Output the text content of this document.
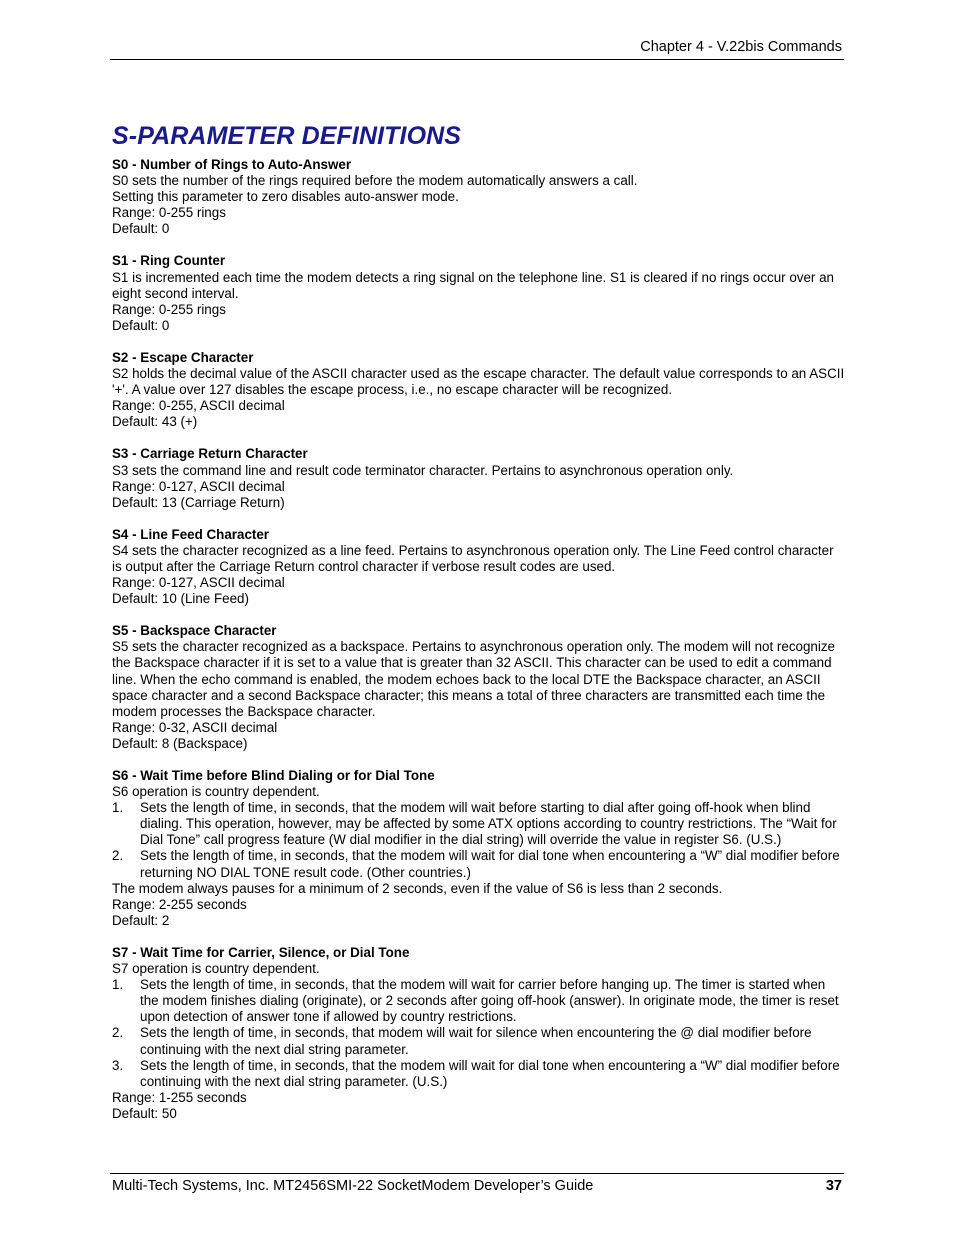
Chapter 4 - V.22bis Commands
S-PARAMETER DEFINITIONS
S0 - Number of Rings to Auto-Answer

S0 sets the number of the rings required before the modem automatically answers a call.

Setting this parameter to zero disables auto-answer mode.

Range: 0-255 rings

Default: 0

S1 - Ring Counter

S1 is incremented each time the modem detects a ring signal on the telephone line. S1 is cleared if no rings occur over an eight second interval.

Range: 0-255 rings

Default: 0

S2 - Escape Character

S2 holds the decimal value of the ASCII character used as the escape character. The default value corresponds to an ASCII '+'. A value over 127 disables the escape process, i.e., no escape character will be recognized.

Range: 0-255, ASCII decimal

Default: 43 (+)

S3 - Carriage Return Character

S3 sets the command line and result code terminator character. Pertains to asynchronous operation only.

Range: 0-127, ASCII decimal

Default: 13 (Carriage Return)

S4 - Line Feed Character

S4 sets the character recognized as a line feed. Pertains to asynchronous operation only. The Line Feed control character is output after the Carriage Return control character if verbose result codes are used.

Range: 0-127, ASCII decimal

Default: 10 (Line Feed)

S5 - Backspace Character

S5 sets the character recognized as a backspace. Pertains to asynchronous operation only. The modem will not recognize the Backspace character if it is set to a value that is greater than 32 ASCII. This character can be used to edit a command line. When the echo command is enabled, the modem echoes back to the local DTE the Backspace character, an ASCII space character and a second Backspace character; this means a total of three characters are transmitted each time the modem processes the Backspace character.

Range: 0-32, ASCII decimal

Default: 8 (Backspace)

S6 - Wait Time before Blind Dialing or for Dial Tone

S6 operation is country dependent.

1. Sets the length of time, in seconds, that the modem will wait before starting to dial after going off-hook when blind dialing. This operation, however, may be affected by some ATX options according to country restrictions. The “Wait for Dial Tone” call progress feature (W dial modifier in the dial string) will override the value in register S6. (U.S.)
2. Sets the length of time, in seconds, that the modem will wait for dial tone when encountering a “W” dial modifier before returning NO DIAL TONE result code. (Other countries.)

The modem always pauses for a minimum of 2 seconds, even if the value of S6 is less than 2 seconds.

Range: 2-255 seconds

Default: 2

S7 - Wait Time for Carrier, Silence, or Dial Tone

S7 operation is country dependent.

1. Sets the length of time, in seconds, that the modem will wait for carrier before hanging up. The timer is started when the modem finishes dialing (originate), or 2 seconds after going off-hook (answer). In originate mode, the timer is reset upon detection of answer tone if allowed by country restrictions.
2. Sets the length of time, in seconds, that modem will wait for silence when encountering the @ dial modifier before continuing with the next dial string parameter.
3. Sets the length of time, in seconds, that the modem will wait for dial tone when encountering a “W” dial modifier before continuing with the next dial string parameter. (U.S.)

Range: 1-255 seconds

Default: 50

Multi-Tech Systems, Inc. MT2456SMI-22 SocketModem Developer’s Guide	37
